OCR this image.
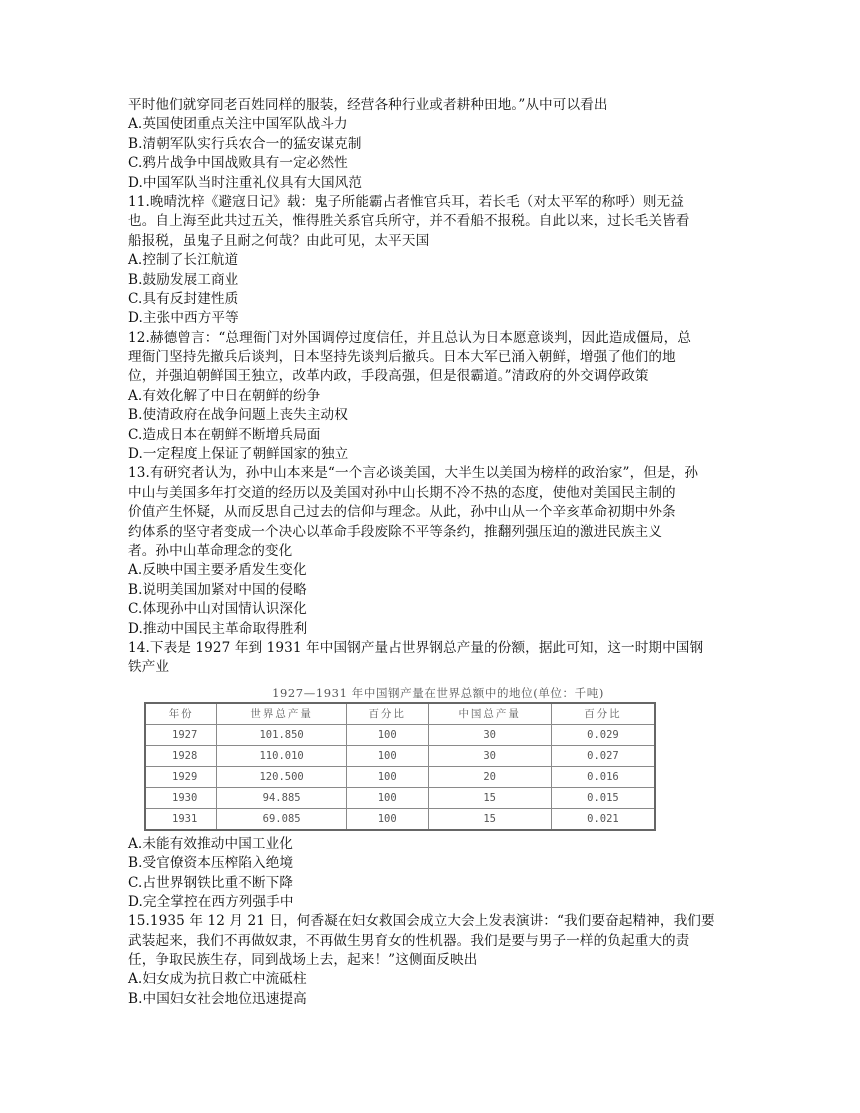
平时他们就穿同老百姓同样的服装，经营各种行业或者耕种田地。”从中可以看出
A.英国使团重点关注中国军队战斗力
B.清朝军队实行兵农合一的猛安谋克制
C.鸦片战争中国战败具有一定必然性
D.中国军队当时注重礼仪具有大国风范
11.晚晴沈梓《避寇日记》载：鬼子所能霸占者惟官兵耳，若长毛（对太平军的称呼）则无益
也。自上海至此共过五关，惟得胜关系官兵所守，并不看船不报税。自此以来，过长毛关皆看
船报税，虽鬼子且耐之何哉？由此可见，太平天国
A.控制了长江航道
B.鼓励发展工商业
C.具有反封建性质
D.主张中西方平等
12.赫德曾言：“总理衙门对外国调停过度信任，并且总认为日本愿意谈判，因此造成僵局，总
理衙门坚持先撤兵后谈判，日本坚持先谈判后撤兵。日本大军已涌入朝鲜，增强了他们的地
位，并强迫朝鲜国王独立，改革内政，手段高强，但是很霸道。”清政府的外交调停政策
A.有效化解了中日在朝鲜的纷争
B.使清政府在战争问题上丧失主动权
C.造成日本在朝鲜不断增兵局面
D.一定程度上保证了朝鲜国家的独立
13.有研究者认为，孙中山本来是“一个言必谈美国，大半生以美国为榜样的政治家”，但是，孙
中山与美国多年打交道的经历以及美国对孙中山长期不冷不热的态度，使他对美国民主制的
价值产生怀疑，从而反思自己过去的信仰与理念。从此，孙中山从一个辛亥革命初期中外条
约体系的坚守者变成一个决心以革命手段废除不平等条约，推翻列强压迫的激进民族主义
者。孙中山革命理念的变化
A.反映中国主要矛盾发生变化
B.说明美国加紧对中国的侵略
C.体现孙中山对国情认识深化
D.推动中国民主革命取得胜利
14.下表是 1927 年到 1931 年中国钢产量占世界钢总产量的份额，据此可知，这一时期中国钢
铁产业
1927—1931 年中国钢产量在世界总额中的地位(单位：千吨)
年份	世界总产量	百分比	中国总产量	百分比
1927	101.850	100	30	0.029
1928	110.010	100	30	0.027
1929	120.500	100	20	0.016
1930	94.885	100	15	0.015
1931	69.085	100	15	0.021
A.未能有效推动中国工业化
B.受官僚资本压榨陷入绝境
C.占世界钢铁比重不断下降
D.完全掌控在西方列强手中
15.1935 年 12 月 21 日，何香凝在妇女救国会成立大会上发表演讲：“我们要奋起精神，我们要
武装起来，我们不再做奴隶，不再做生男育女的性机器。我们是要与男子一样的负起重大的责
任，争取民族生存，同到战场上去，起来！”这侧面反映出
A.妇女成为抗日救亡中流砥柱
B.中国妇女社会地位迅速提高
